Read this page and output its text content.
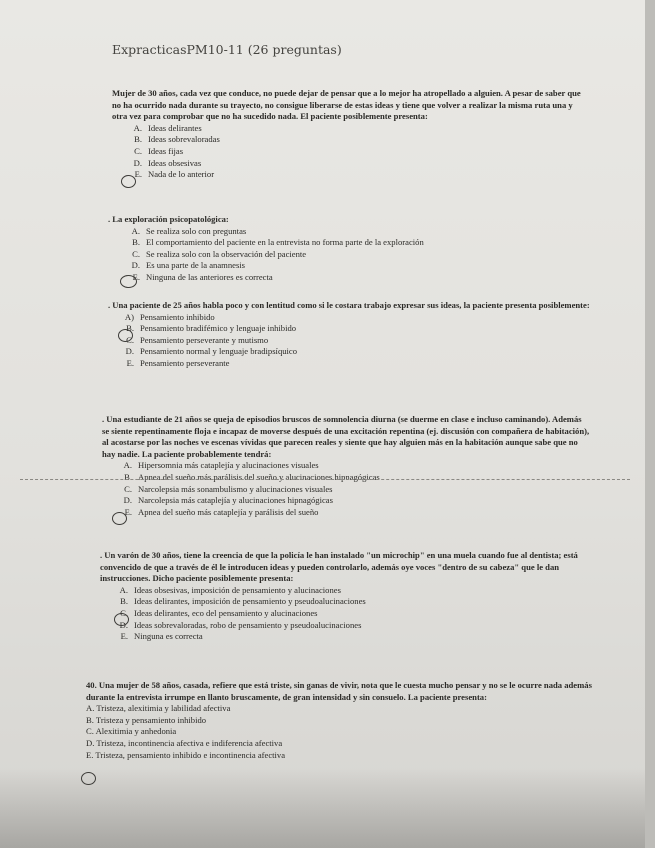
ExpracticasPM10-11 (26 preguntas)
Mujer de 30 años, cada vez que conduce, no puede dejar de pensar que a lo mejor ha atropellado a alguien. A pesar de saber que no ha ocurrido nada durante su trayecto, no consigue liberarse de estas ideas y tiene que volver a realizar la misma ruta una y otra vez para comprobar que no ha sucedido nada. El paciente posiblemente presenta:
A. Ideas delirantes
B. Ideas sobrevaloradas
C. Ideas fijas
D. Ideas obsesivas
E. Nada de lo anterior
. La exploración psicopatológica:
A. Se realiza solo con preguntas
B. El comportamiento del paciente en la entrevista no forma parte de la exploración
C. Se realiza solo con la observación del paciente
D. Es una parte de la anamnesis
E. Ninguna de las anteriores es correcta
. Una paciente de 25 años habla poco y con lentitud como si le costara trabajo expresar sus ideas, la paciente presenta posiblemente:
A) Pensamiento inhibido
B. Pensamiento bradifémico y lenguaje inhibido
C. Pensamiento perseverante y mutismo
D. Pensamiento normal y lenguaje bradipsíquico
E. Pensamiento perseverante
. Una estudiante de 21 años se queja de episodios bruscos de somnolencia diurna (se duerme en clase e incluso caminando). Además se siente repentinamente floja e incapaz de moverse después de una excitación repentina (ej. discusión con compañera de habitación), al acostarse por las noches ve escenas vívidas que parecen reales y siente que hay alguien más en la habitación aunque sabe que no hay nadie. La paciente probablemente tendrá:
A. Hipersomnia más cataplejía y alucinaciones visuales
B. Apnea del sueño más parálisis del sueño y alucinaciones hipnagógicas
C. Narcolepsia más sonambulismo y alucinaciones visuales
D. Narcolepsia más cataplejía y alucinaciones hipnagógicas
E. Apnea del sueño más cataplejía y parálisis del sueño
. Un varón de 30 años, tiene la creencia de que la policía le han instalado "un microchip" en una muela cuando fue al dentista; está convencido de que a través de él le introducen ideas y pueden controlarlo, además oye voces "dentro de su cabeza" que le dan instrucciones. Dicho paciente posiblemente presenta:
A. Ideas obsesivas, imposición de pensamiento y alucinaciones
B. Ideas delirantes, imposición de pensamiento y pseudoalucinaciones
C. Ideas delirantes, eco del pensamiento y alucinaciones
D. Ideas sobrevaloradas, robo de pensamiento y pseudoalucinaciones
E. Ninguna es correcta
40. Una mujer de 58 años, casada, refiere que está triste, sin ganas de vivir, nota que le cuesta mucho pensar y no se le ocurre nada además durante la entrevista irrumpe en llanto bruscamente, de gran intensidad y sin consuelo. La paciente presenta:
A. Tristeza, alexitimia y labilidad afectiva
B. Tristeza y pensamiento inhibido
C. Alexitimia y anhedonia
D. Tristeza, incontinencia afectiva e indiferencia afectiva
E. Tristeza, pensamiento inhibido e incontinencia afectiva
